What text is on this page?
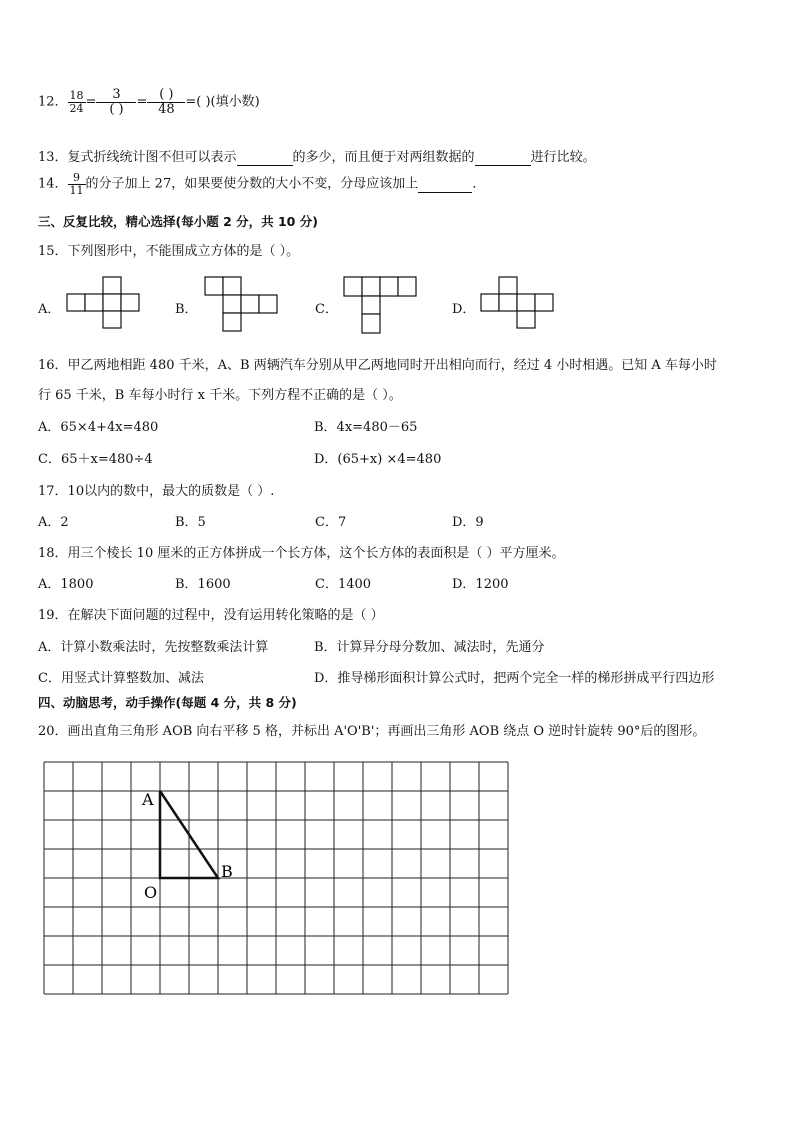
12． $\frac{18}{24} = \frac{3}{( )} = \frac{( )}{48}$ =( )(填小数)
13．复式折线统计图不但可以表示	的多少，而且便于对两组数据的	进行比较。
14． $\frac{9}{11}$ 的分子加上 27，如果要使分数的大小不变，分母应该加上	．
三、反复比较，精心选择(每小题 2 分，共 10 分)
15．下列图形中，不能围成立方体的是（ ）。
A．	B．	C．	D．
16．甲乙两地相距 480 千米，A、B 两辆汽车分别从甲乙两地同时开出相向而行，经过 4 小时相遇。已知 A 车每小时
行 65 千米，B 车每小时行 x 千米。下列方程不正确的是（ ）。
A．65×4+4x=480	B．4x=480－65
C．65＋x=480÷4	D．(65+x) ×4=480
17．10以内的数中，最大的质数是（ ）.
A．2	B．5	C．7	D．9
18．用三个棱长 10 厘米的正方体拼成一个长方体，这个长方体的表面积是（ ）平方厘米。
A．1800	B．1600	C．1400	D．1200
19．在解决下面问题的过程中，没有运用转化策略的是（ ）
A．计算小数乘法时，先按整数乘法计算	B．计算异分母分数加、减法时，先通分
C．用竖式计算整数加、减法	D．推导梯形面积计算公式时，把两个完全一样的梯形拼成平行四边形
四、动脑思考，动手操作(每题 4 分，共 8 分)
20．画出直角三角形 AOB 向右平移 5 格，并标出 A'O'B'；再画出三角形 AOB 绕点 O 逆时针旋转 90°后的图形。
A
O
B
